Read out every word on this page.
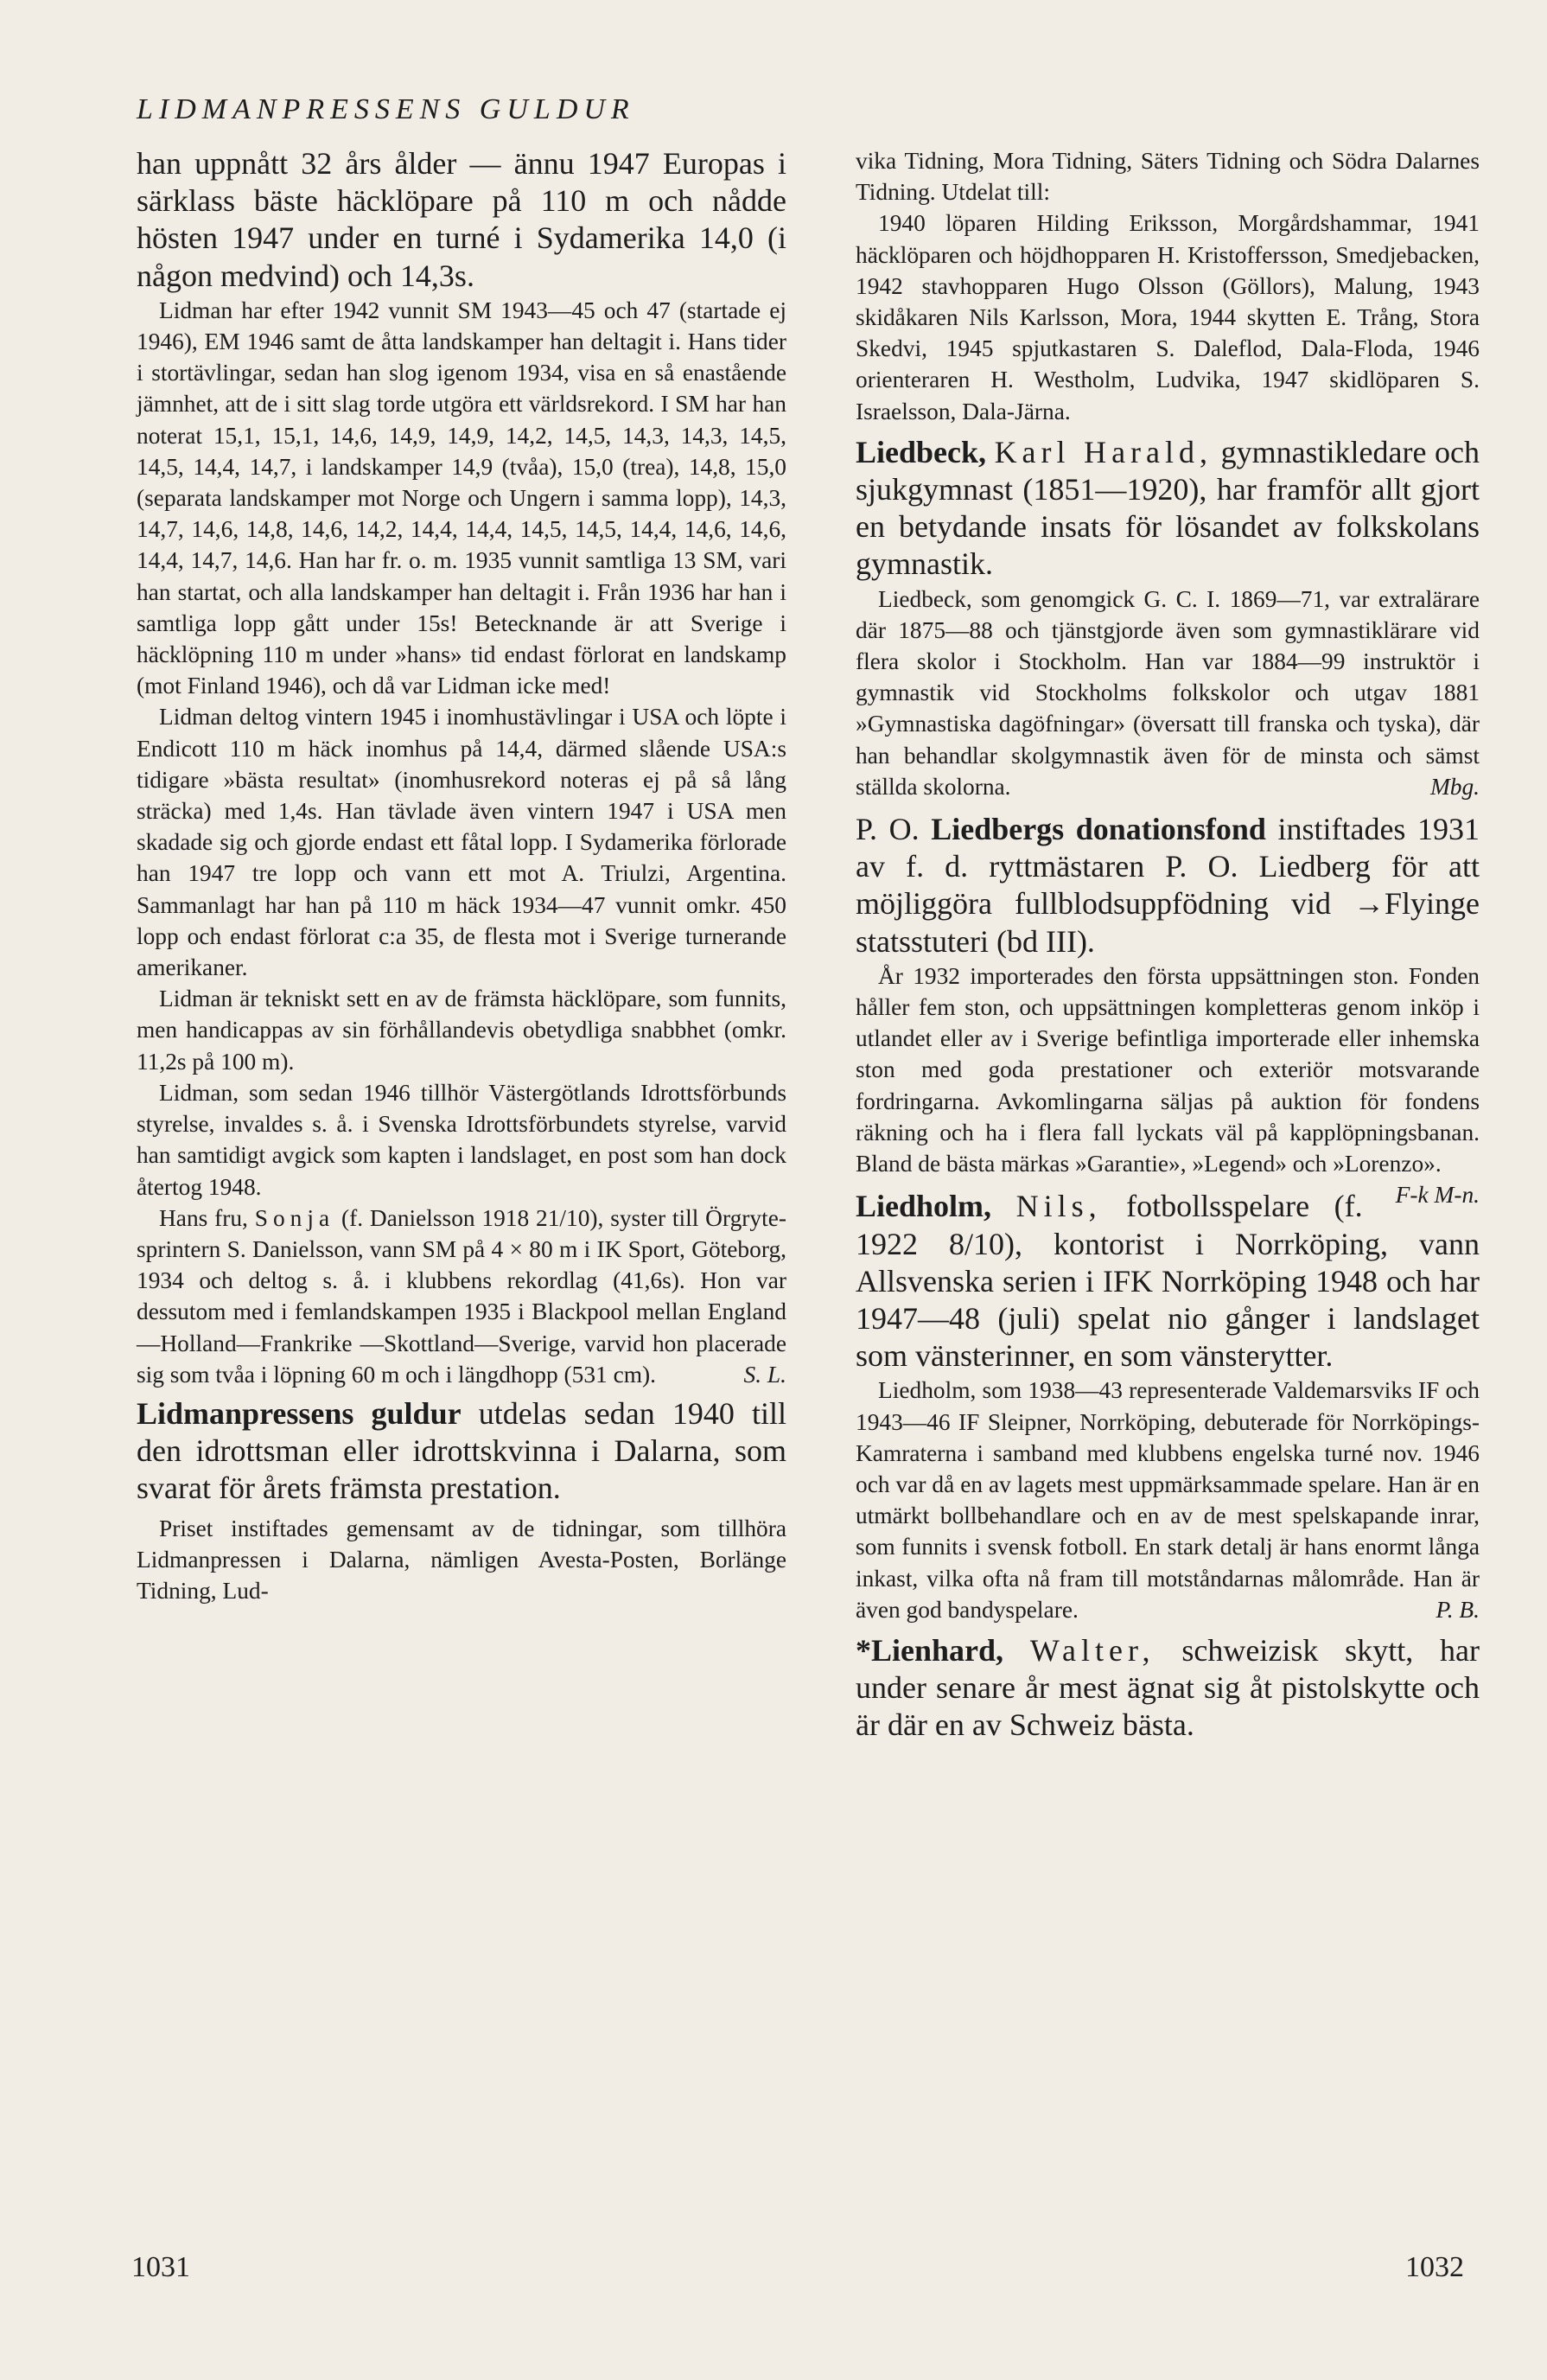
LIDMANPRESSENS GULDUR

han uppnått 32 års ålder — ännu 1947 Europas i särklass bäste häcklöpare på 110 m och nådde hösten 1947 under en turné i Sydamerika 14,0 (i någon medvind) och 14,3s.

Lidman har efter 1942 vunnit SM 1943—45 och 47 (startade ej 1946), EM 1946 samt de åtta landskamper han deltagit i. Hans tider i stortävlingar, sedan han slog igenom 1934, visa en så enastående jämnhet, att de i sitt slag torde utgöra ett världsrekord. I SM har han noterat 15,1, 15,1, 14,6, 14,9, 14,9, 14,2, 14,5, 14,3, 14,3, 14,5, 14,5, 14,4, 14,7, i landskamper 14,9 (tvåa), 15,0 (trea), 14,8, 15,0 (separata landskamper mot Norge och Ungern i samma lopp), 14,3, 14,7, 14,6, 14,8, 14,6, 14,2, 14,4, 14,4, 14,5, 14,5, 14,4, 14,6, 14,6, 14,4, 14,7, 14,6. Han har fr. o. m. 1935 vunnit samtliga 13 SM, vari han startat, och alla landskamper han deltagit i. Från 1936 har han i samtliga lopp gått under 15s! Betecknande är att Sverige i häcklöpning 110 m under »hans» tid endast förlorat en landskamp (mot Finland 1946), och då var Lidman icke med!

Lidman deltog vintern 1945 i inomhustävlingar i USA och löpte i Endicott 110 m häck inomhus på 14,4, därmed slående USA:s tidigare »bästa resultat» (inomhusrekord noteras ej på så lång sträcka) med 1,4s. Han tävlade även vintern 1947 i USA men skadade sig och gjorde endast ett fåtal lopp. I Sydamerika förlorade han 1947 tre lopp och vann ett mot A. Triulzi, Argentina. Sammanlagt har han på 110 m häck 1934—47 vunnit omkr. 450 lopp och endast förlorat c:a 35, de flesta mot i Sverige turnerande amerikaner.

Lidman är tekniskt sett en av de främsta häcklöpare, som funnits, men handicappas av sin förhållandevis obetydliga snabbhet (omkr. 11,2s på 100 m).

Lidman, som sedan 1946 tillhör Västergötlands Idrottsförbunds styrelse, invaldes s. å. i Svenska Idrottsförbundets styrelse, varvid han samtidigt avgick som kapten i landslaget, en post som han dock återtog 1948.

Hans fru, Sonja (f. Danielsson 1918 21/10), syster till Örgryte-sprintern S. Danielsson, vann SM på 4 × 80 m i IK Sport, Göteborg, 1934 och deltog s. å. i klubbens rekordlag (41,6s). Hon var dessutom med i femlandskampen 1935 i Blackpool mellan England—Holland—Frankrike —Skottland—Sverige, varvid hon placerade sig som tvåa i löpning 60 m och i längdhopp (531 cm).	S. L.

Lidmanpressens guldur utdelas sedan 1940 till den idrottsman eller idrottskvinna i Dalarna, som svarat för årets främsta prestation.

Priset instiftades gemensamt av de tidningar, som tillhöra Lidmanpressen i Dalarna, nämligen Avesta-Posten, Borlänge Tidning, Lud-

vika Tidning, Mora Tidning, Säters Tidning och Södra Dalarnes Tidning. Utdelat till:

1940 löparen Hilding Eriksson, Morgårdshammar, 1941 häcklöparen och höjdhopparen H. Kristoffersson, Smedjebacken, 1942 stavhopparen Hugo Olsson (Göllors), Malung, 1943 skidåkaren Nils Karlsson, Mora, 1944 skytten E. Trång, Stora Skedvi, 1945 spjutkastaren S. Daleflod, Dala-Floda, 1946 orienteraren H. Westholm, Ludvika, 1947 skidlöparen S. Israelsson, Dala-Järna.

Liedbeck, Karl Harald, gymnastikledare och sjukgymnast (1851—1920), har framför allt gjort en betydande insats för lösandet av folkskolans gymnastik.

Liedbeck, som genomgick G. C. I. 1869—71, var extralärare där 1875—88 och tjänstgjorde även som gymnastiklärare vid flera skolor i Stockholm. Han var 1884—99 instruktör i gymnastik vid Stockholms folkskolor och utgav 1881 »Gymnastiska dagöfningar» (översatt till franska och tyska), där han behandlar skolgymnastik även för de minsta och sämst ställda skolorna.	Mbg.

P. O. Liedbergs donationsfond instiftades 1931 av f. d. ryttmästaren P. O. Liedberg för att möjliggöra fullblodsuppfödning vid →Flyinge statsstuteri (bd III).

År 1932 importerades den första uppsättningen ston. Fonden håller fem ston, och uppsättningen kompletteras genom inköp i utlandet eller av i Sverige befintliga importerade eller inhemska ston med goda prestationer och exteriör motsvarande fordringarna. Avkomlingarna säljas på auktion för fondens räkning och ha i flera fall lyckats väl på kapplöpningsbanan. Bland de bästa märkas »Garantie», »Legend» och »Lorenzo».
F-k M-n.

Liedholm, Nils, fotbollsspelare (f. 1922 8/10), kontorist i Norrköping, vann Allsvenska serien i IFK Norrköping 1948 och har 1947—48 (juli) spelat nio gånger i landslaget som vänsterinner, en som vänsterytter.

Liedholm, som 1938—43 representerade Valdemarsviks IF och 1943—46 IF Sleipner, Norrköping, debuterade för Norrköpings-Kamraterna i samband med klubbens engelska turné nov. 1946 och var då en av lagets mest uppmärksammade spelare. Han är en utmärkt bollbehandlare och en av de mest spelskapande inrar, som funnits i svensk fotboll. En stark detalj är hans enormt långa inkast, vilka ofta nå fram till motståndarnas målområde. Han är även god bandyspelare.	P. B.

*Lienhard, Walter, schweizisk skytt, har under senare år mest ägnat sig åt pistolskytte och är där en av Schweiz bästa.

1031	1032
